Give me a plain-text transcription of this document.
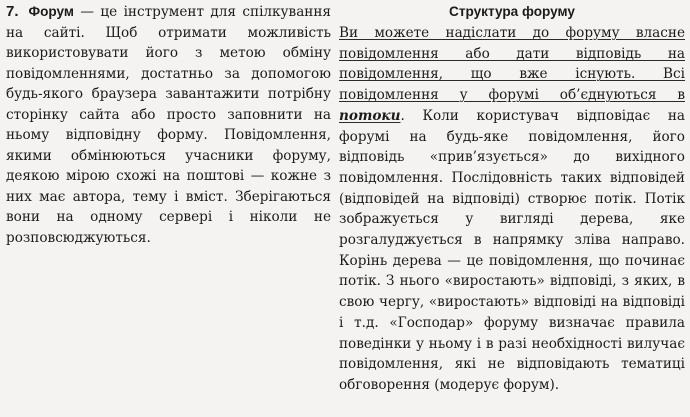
7. Форум — це інструмент для спілкування на сайті. Щоб отримати можливість використовувати його з метою обміну повідомленнями, достатньо за допомогою будь-якого браузера завантажити потрібну сторінку сайта або просто заповнити на ньому відповідну форму. Повідомлення, якими обмінюються учасники форуму, деякою мірою схожі на поштові — кожне з них має автора, тему і вміст. Зберігаються вони на одному сервері і ніколи не розповсюджуються.

Структура форуму

Ви можете надіслати до форуму власне повідомлення або дати відповідь на повідомлення, що вже існують. Всі повідомлення у форумі об’єднуються в потоки. Коли користувач відповідає на форумі на будь-яке повідомлення, його відповідь «прив’язується» до вихідного повідомлення. Послідовність таких відповідей (відповідей на відповіді) створює потік. Потік зображується у вигляді дерева, яке розгалуджується в напрямку зліва направо. Корінь дерева — це повідомлення, що починає потік. З нього «виростають» відповіді, з яких, в свою чергу, «виростають» відповіді на відповіді і т.д. «Господар» форуму визначає правила поведінки у ньому і в разі необхідності вилучає повідомлення, які не відповідають тематиці обговорення (модерує форум).
